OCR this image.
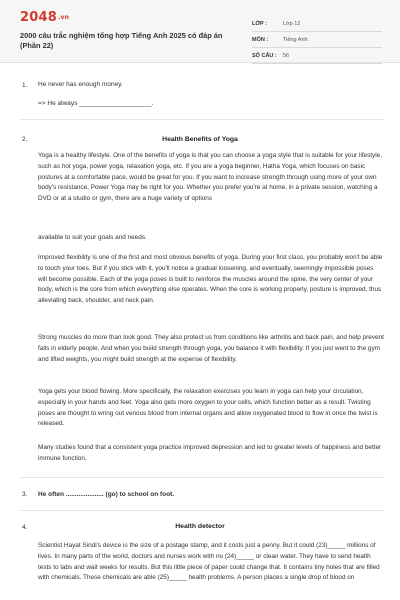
2048.vn
2000 câu trắc nghiệm tổng hợp Tiếng Anh 2025 có đáp án (Phần 22)
LỚP :	Lớp 12
MÔN :	Tiếng Anh
SỐ CÂU :	56
1. He never has enough money.
=> He always ____________________.
2.	Health Benefits of Yoga

Yoga is a healthy lifestyle. One of the benefits of yoga is that you can choose a yoga style that is suitable for your lifestyle, such as hot yoga, power yoga, relaxation yoga, etc. If you are a yoga beginner, Hatha Yoga, which focuses on basic postures at a comfortable pace, would be great for you. If you want to increase strength through using more of your own body's resistance, Power Yoga may be right for you. Whether you prefer you're at home, in a private session, watching a DVD or at a studio or gym, there are a huge variety of options

available to suit your goals and needs.

Improved flexibility is one of the first and most obvious benefits of yoga. During your first class, you probably won't be able to touch your toes. But if you stick with it, you'll notice a gradual loosening, and eventually, seemingly impossible poses will become possible. Each of the yoga poses is built to reinforce the muscles around the spine, the very center of your body, which is the core from which everything else operates. When the core is working properly, posture is improved, thus alleviating back, shoulder, and neck pain.

Strong muscles do more than look good. They also protect us from conditions like arthritis and back pain, and help prevent falls in elderly people. And when you build strength through yoga, you balance it with flexibility. If you just went to the gym and lifted weights, you might build strength at the expense of flexibility.

Yoga gets your blood flowing. More specifically, the relaxation exercises you learn in yoga can help your circulation, especially in your hands and feet. Yoga also gets more oxygen to your cells, which function better as a result. Twisting poses are thought to wring out venous blood from internal organs and allow oxygenated blood to flow in once the twist is released.

Many studies found that a consistent yoga practice improved depression and led to greater levels of happiness and better immune function.

3. He often ..................... (go) to school on foot.
4.	Health detector

Scientist Hayat Sindi's device is the size of a postage stamp, and it costs just a penny. But it could (23)_____ millions of lives. In many parts of the world, doctors and nurses work with no (24)_____ or clean water. They have to send health tests to labs and wait weeks for results. But this little piece of paper could change that. It contains tiny holes that are filled with chemicals. These chemicals are able (25)_____ health problems. A person places a single drop of blood on
